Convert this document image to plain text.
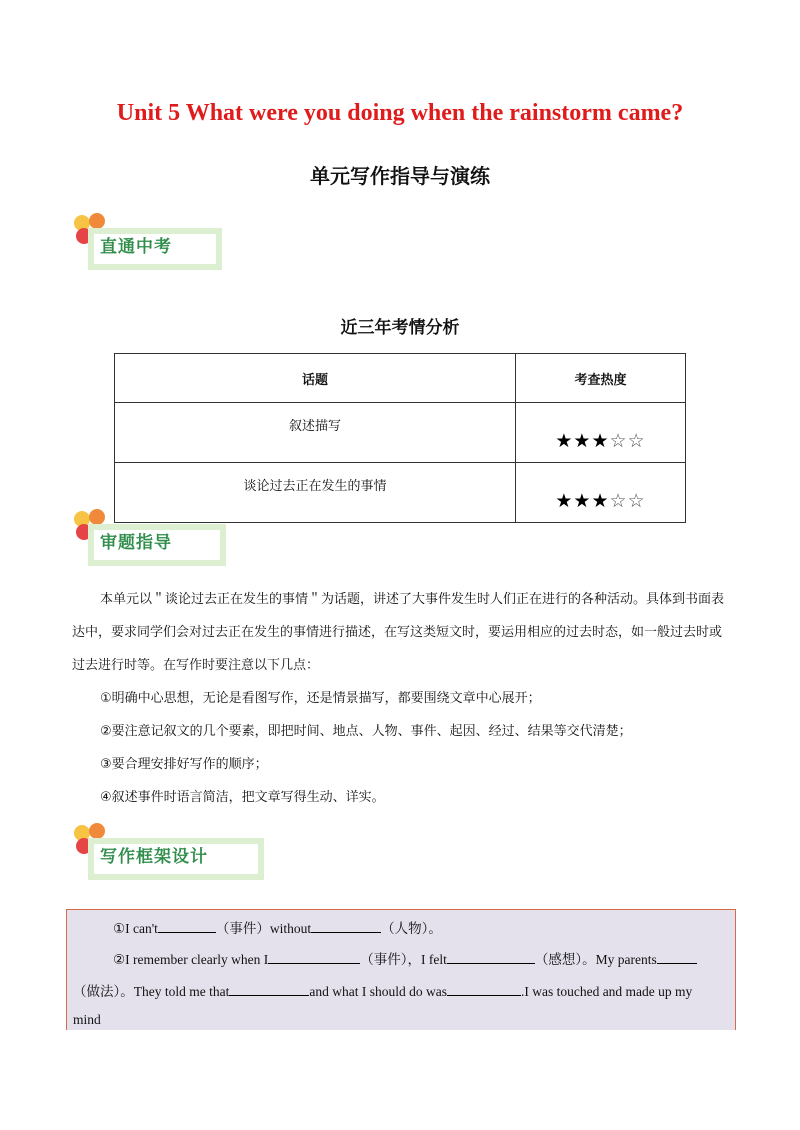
Unit 5 What were you doing when the rainstorm came?
单元写作指导与演练
直通中考
近三年考情分析
话题	考查热度
叙述描写	★★★☆☆
谈论过去正在发生的事情	★★★☆☆
审题指导

本单元以＂谈论过去正在发生的事情＂为话题，讲述了大事件发生时人们正在进行的各种活动。具体到书面表达中，要求同学们会对过去正在发生的事情进行描述，在写这类短文时，要运用相应的过去时态，如一般过去时或过去进行时等。在写作时要注意以下几点：

①明确中心思想，无论是看图写作，还是情景描写，都要围绕文章中心展开；

②要注意记叙文的几个要素，即把时间、地点、人物、事件、起因、经过、结果等交代清楚；

③要合理安排好写作的顺序；

④叙述事件时语言简洁，把文章写得生动、详实。

写作框架设计
①I can't	（事件）without	（人物）。
②I remember clearly when I	（事件），I felt	（感想）。My parents
（做法）。They told me that	and what I should do was	.I was touched and made up my
mind
